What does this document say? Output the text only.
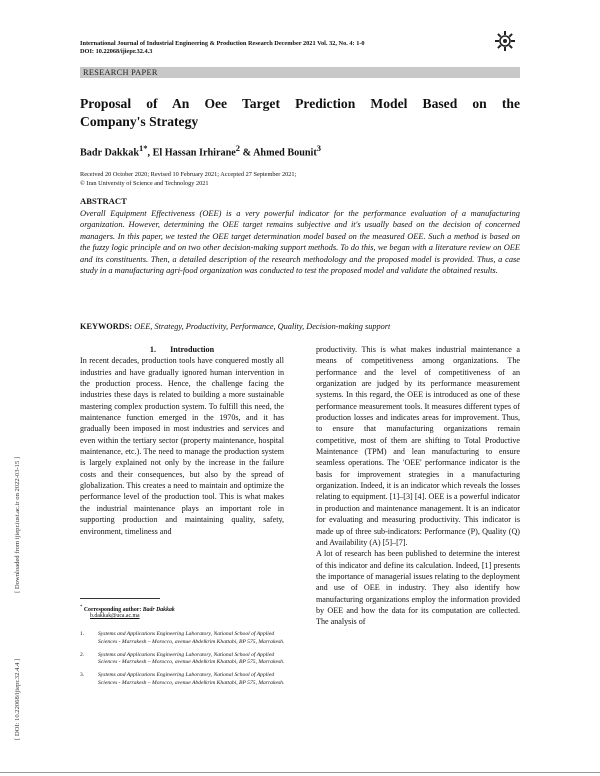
International Journal of Industrial Engineering & Production Research December 2021 Vol. 32, No. 4: 1-0
DOI: 10.22068/ijiepr.32.4.3
RESEARCH PAPER
Proposal of An Oee Target Prediction Model Based on the
Company's Strategy
Badr Dakkak$^{1*}$, El Hassan Irhirane$^2$ & Ahmed Bounit$^3$
Received 20 October 2020; Revised 10 February 2021; Accepted 27 September 2021;
© Iran University of Science and Technology 2021
ABSTRACT
Overall Equipment Effectiveness (OEE) is a very powerful indicator for the performance evaluation of a manufacturing organization. However, determining the OEE target remains subjective and it's usually based on the decision of concerned managers. In this paper, we tested the OEE target determination model based on the measured OEE. Such a method is based on the fuzzy logic principle and on two other decision-making support methods. To do this, we began with a literature review on OEE and its constituents. Then, a detailed description of the research methodology and the proposed model is provided. Thus, a case study in a manufacturing agri-food organization was conducted to test the proposed model and validate the obtained results.
KEYWORDS: OEE, Strategy, Productivity, Performance, Quality, Decision-making support

1.       Introduction

In recent decades, production tools have conquered mostly all industries and have gradually ignored human intervention in the production process. Hence, the challenge facing the industries these days is related to building a more sustainable mastering complex production system. To fulfill this need, the maintenance function emerged in the 1970s, and it has gradually been imposed in most industries and services and even within the tertiary sector (property maintenance, hospital maintenance, etc.). The need to manage the production system is largely explained not only by the increase in the failure costs and their consequences, but also by the spread of globalization. This creates a need to maintain and optimize the performance level of the production tool. This is what makes the industrial maintenance plays an important role in supporting production and maintaining quality, safety, environment, timeliness and

productivity. This is what makes industrial maintenance a means of competitiveness among organizations. The performance and the level of competitiveness of an organization are judged by its performance measurement systems. In this regard, the OEE is introduced as one of these performance measurement tools. It measures different types of production losses and indicates areas for improvement. Thus, to ensure that manufacturing organizations remain competitive, most of them are shifting to Total Productive Maintenance (TPM) and lean manufacturing to ensure seamless operations. The 'OEE' performance indicator is the basis for improvement strategies in a manufacturing organization. Indeed, it is an indicator which reveals the losses relating to equipment. [1]–[3] [4]. OEE is a powerful indicator in production and maintenance management. It is an indicator for evaluating and measuring productivity. This indicator is made up of three sub-indicators: Performance (P), Quality (Q) and Availability (A) [5]–[7].

A lot of research has been published to determine the interest of this indicator and define its calculation. Indeed, [1] presents the importance of managerial issues relating to the deployment and use of OEE in industry. They also identify how manufacturing organizations employ the information provided by OEE and how the data for its computation are collected. The analysis of

* Corresponding author: Badr Dakkak
b.dakkak@uca.ac.ma
1. Systems and Applications Engineering Laboratory, National School of Applied Sciences - Marrakesh – Morocco, avenue Abdelkrim Khattabi, BP 575, Marrakesh.
2. Systems and Applications Engineering Laboratory, National School of Applied Sciences - Marrakesh – Morocco, avenue Abdelkrim Khattabi, BP 575, Marrakesh.
3. Systems and Applications Engineering Laboratory, National School of Applied Sciences - Marrakesh – Morocco, avenue Abdelkrim Khattabi, BP 575, Marrakesh.
[ DOI: 10.22068/ijiepr.32.4.4 ]                                        [ Downloaded from ijiepr.iust.ac.ir on 2022-03-15 ]
